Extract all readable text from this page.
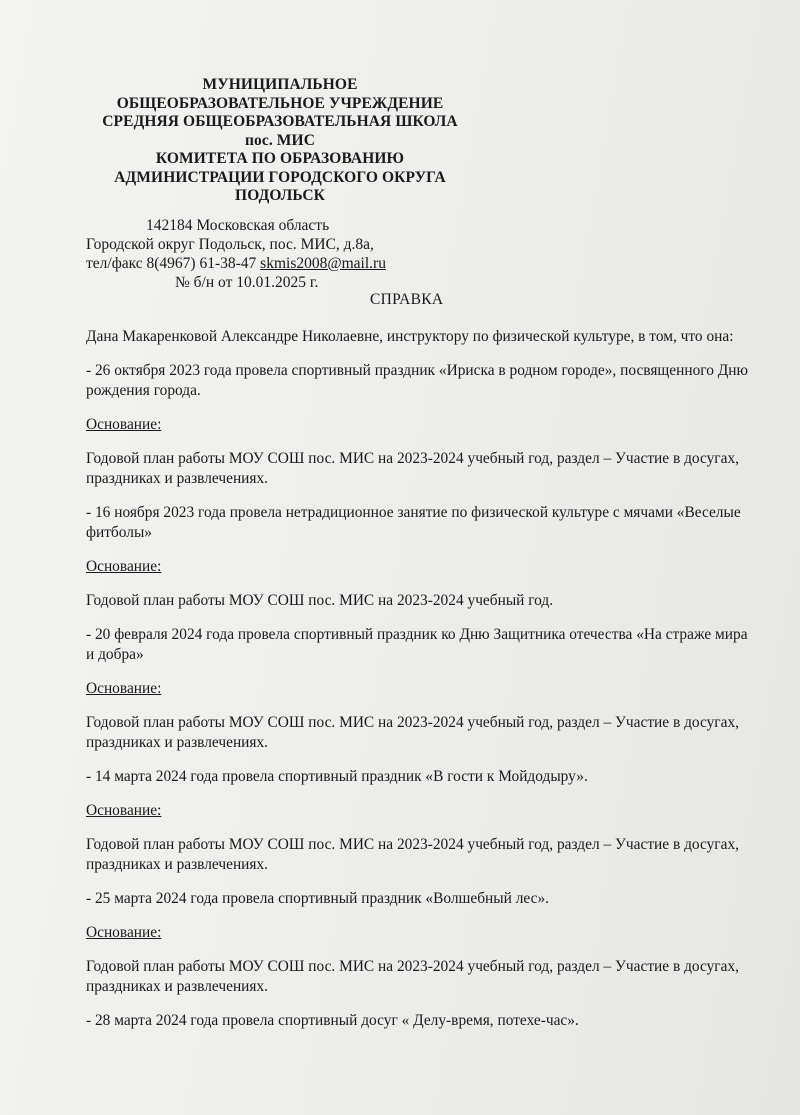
МУНИЦИПАЛЬНОЕ
ОБЩЕОБРАЗОВАТЕЛЬНОЕ УЧРЕЖДЕНИЕ
СРЕДНЯЯ ОБЩЕОБРАЗОВАТЕЛЬНАЯ ШКОЛА
пос. МИС
КОМИТЕТА ПО ОБРАЗОВАНИЮ
АДМИНИСТРАЦИИ ГОРОДСКОГО ОКРУГА
ПОДОЛЬСК
142184 Московская область
Городской округ Подольск, пос. МИС, д.8а,
тел/факс 8(4967) 61-38-47 skmis2008@mail.ru
№ б/н от 10.01.2025 г.
СПРАВКА

Дана Макаренковой Александре Николаевне, инструктору по физической культуре, в том, что она:

- 26 октября 2023 года провела спортивный праздник «Ириска в родном городе», посвященного Дню рождения города.

Основание:

Годовой план работы МОУ СОШ пос. МИС на 2023-2024 учебный год, раздел – Участие в досугах, праздниках и развлечениях.

- 16 ноября 2023 года провела нетрадиционное занятие по физической культуре с мячами «Веселые фитболы»

Основание:

Годовой план работы МОУ СОШ пос. МИС на 2023-2024 учебный год.

- 20 февраля 2024 года провела спортивный праздник ко Дню Защитника отечества «На страже мира и добра»

Основание:

Годовой план работы МОУ СОШ пос. МИС на 2023-2024 учебный год, раздел – Участие в досугах, праздниках и развлечениях.

- 14 марта 2024 года провела спортивный праздник «В гости к Мойдодыру».

Основание:

Годовой план работы МОУ СОШ пос. МИС на 2023-2024 учебный год, раздел – Участие в досугах, праздниках и развлечениях.

- 25 марта 2024 года провела спортивный праздник «Волшебный лес».

Основание:

Годовой план работы МОУ СОШ пос. МИС на 2023-2024 учебный год, раздел – Участие в досугах, праздниках и развлечениях.

- 28 марта 2024 года провела спортивный досуг « Делу-время, потехе-час».
